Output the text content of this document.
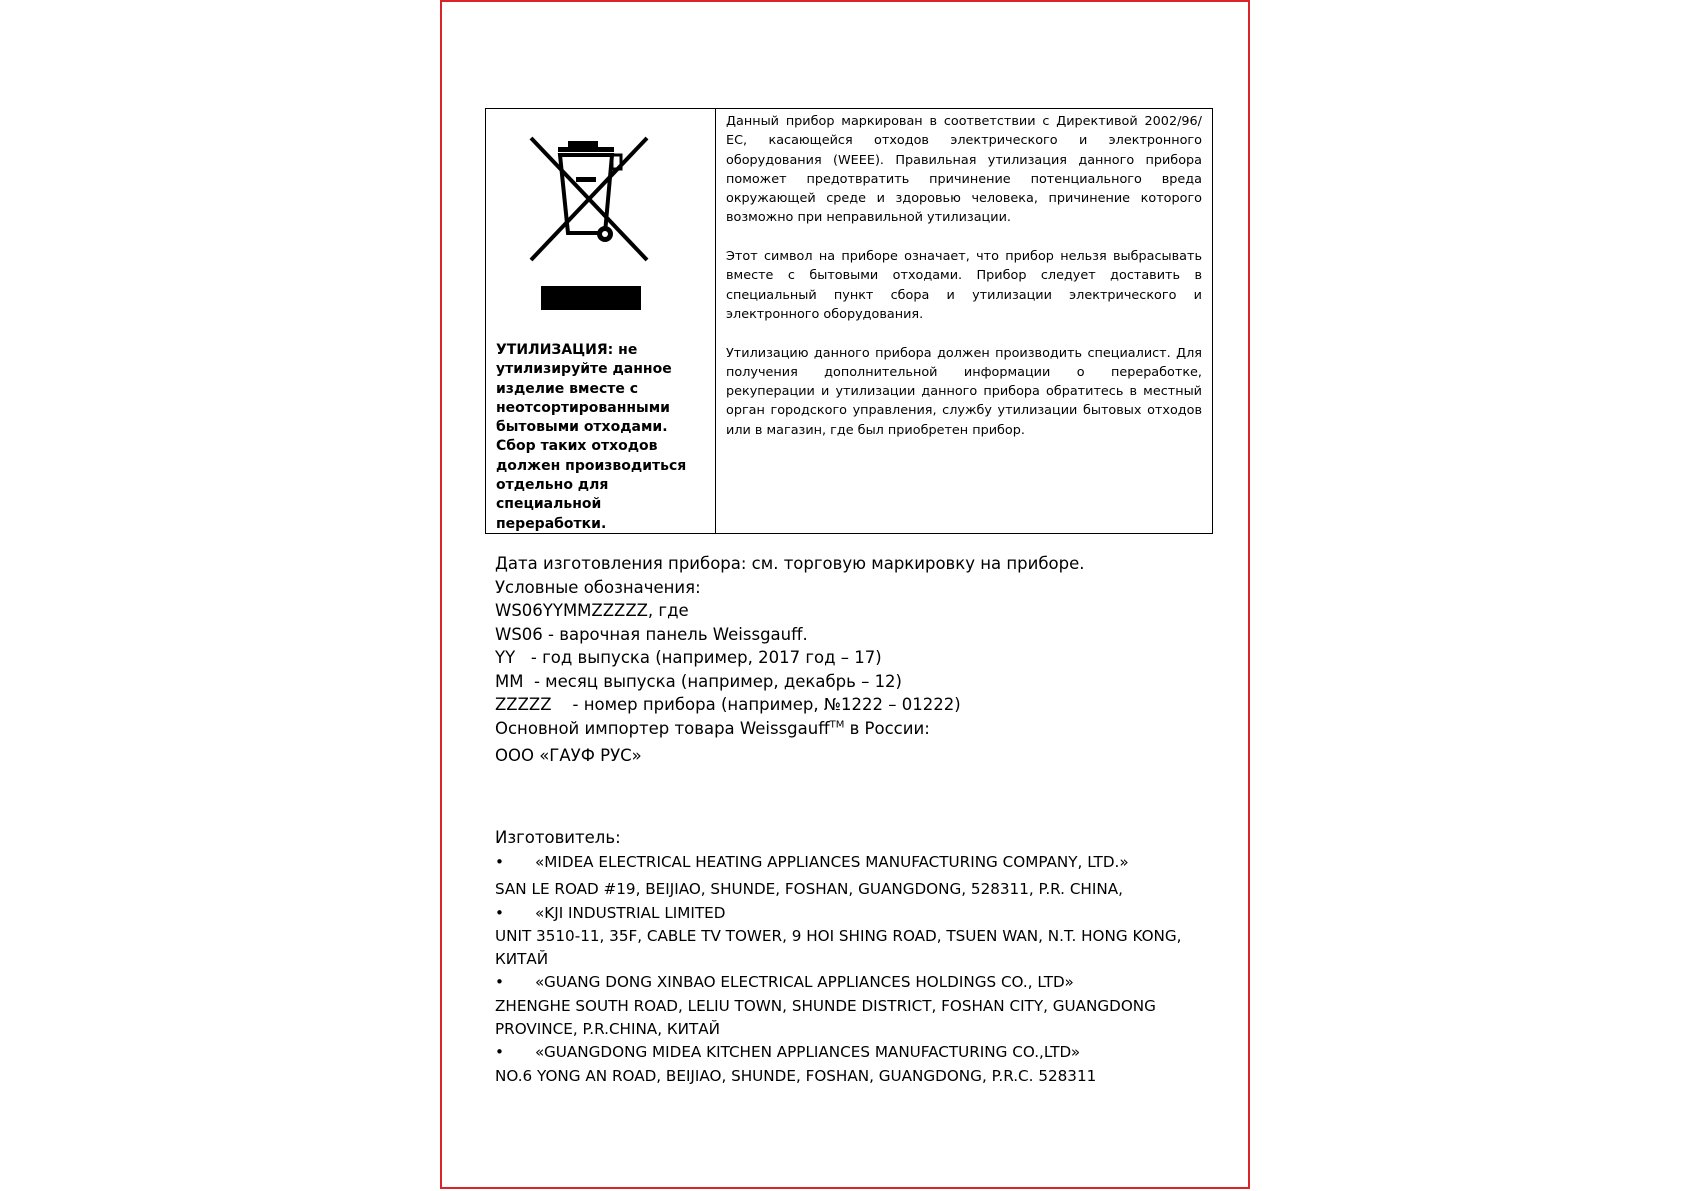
УТИЛИЗАЦИЯ: не утилизируйте данное изделие вместе с неотсортированными бытовыми отходами. Сбор таких отходов должен производиться отдельно для специальной переработки.

Данный прибор маркирован в соответствии с Директивой 2002/96/ЕС, касающейся отходов электрического и электронного оборудования (WEEE). Правильная утилизация данного прибора поможет предотвратить причинение потенциального вреда окружающей среде и здоровью человека, причинение которого возможно при неправильной утилизации.

Этот символ на приборе означает, что прибор нельзя выбрасывать вместе с бытовыми отходами. Прибор следует доставить в специальный пункт сбора и утилизации электрического и электронного оборудования.

Утилизацию данного прибора должен производить специалист. Для получения дополнительной информации о переработке, рекуперации и утилизации данного прибора обратитесь в местный орган городского управления, службу утилизации бытовых отходов или в магазин, где был приобретен прибор.

Дата изготовления прибора: см. торговую маркировку на приборе.
Условные обозначения:
WS06YYMMZZZZZ, где
WS06 - варочная панель Weissgauff.
YY   - год выпуска (например, 2017 год – 17)
MM  - месяц выпуска (например, декабрь – 12)
ZZZZZ    - номер прибора (например, №1222 – 01222)
Основной импортер товара Weissgauff™ в России:
ООО «ГАУФ РУС»
Изготовитель:
•	«MIDEA ELECTRICAL HEATING APPLIANCES MANUFACTURING COMPANY, LTD.»
SAN LE ROAD #19, BEIJIAO, SHUNDE, FOSHAN, GUANGDONG, 528311, P.R. CHINA,
•	«KJI INDUSTRIAL LIMITED
UNIT 3510-11, 35F, CABLE TV TOWER, 9 HOI SHING ROAD, TSUEN WAN, N.T. HONG KONG, КИТАЙ
•	«GUANG DONG XINBAO ELECTRICAL APPLIANCES HOLDINGS CO., LTD»
ZHENGHE SOUTH ROAD, LELIU TOWN, SHUNDE DISTRICT, FOSHAN CITY, GUANGDONG PROVINCE, P.R.CHINA, КИТАЙ
•	«GUANGDONG MIDEA KITCHEN APPLIANCES MANUFACTURING CO.,LTD»
NO.6 YONG AN ROAD, BEIJIAO, SHUNDE, FOSHAN, GUANGDONG, P.R.C. 528311
